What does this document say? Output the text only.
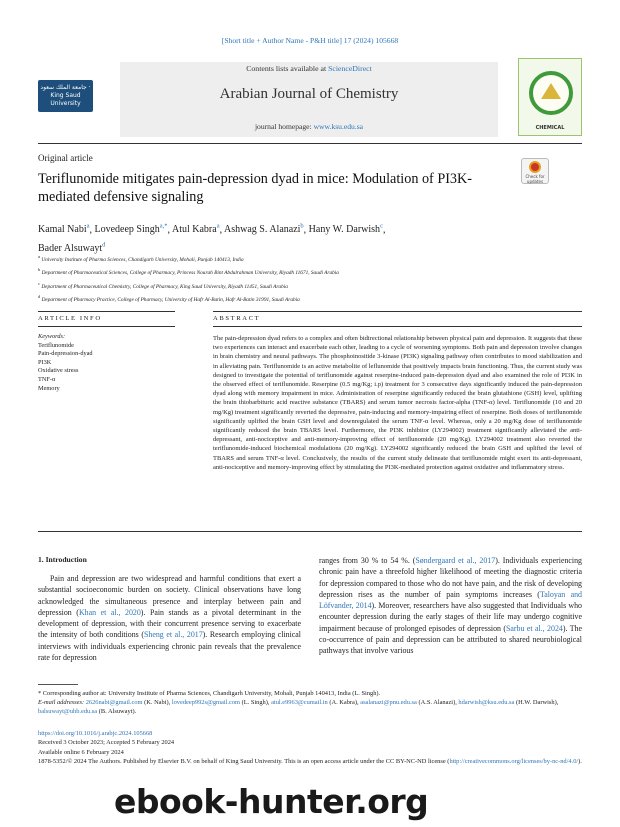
[Short title + Author Name - P&H title] 17 (2024) 105668
جامعة الملك سعود · King Saud University
Contents lists available at ScienceDirect
Arabian Journal of Chemistry
journal homepage: www.ksu.edu.sa	CHEMICAL
Original article
Teriflunomide mitigates pain-depression dyad in mice: Modulation of PI3K-mediated defensive signaling
Check for updates
Kamal Nabi$^a$, Lovedeep Singh$^{a,*}$, Atul Kabra$^a$, Ashwag S. Alanazi$^b$, Hany W. Darwish$^c$,
Bader Alsuwayt$^d$
$^a$ University Institute of Pharma Sciences, Chandigarh University, Mohali, Punjab 140413, India
$^b$ Department of Pharmaceutical Sciences, College of Pharmacy, Princess Nourah Bint Abdulrahman University, Riyadh 11671, Saudi Arabia
$^c$ Department of Pharmaceutical Chemistry, College of Pharmacy, King Saud University, Riyadh 11451, Saudi Arabia
$^d$ Department of Pharmacy Practice, College of Pharmacy, University of Hafr Al-Batin, Hafr Al-Batin 31991, Saudi Arabia
ARTICLE INFO	ABSTRACT
Keywords:
Teriflunomide
Pain-depression-dyad
PI3K
Oxidative stress
TNF-α
Memory
The pain-depression dyad refers to a complex and often bidirectional relationship between physical pain and depression. It suggests that these two experiences can interact and exacerbate each other, leading to a cycle of worsening symptoms. Both pain and depression involve changes in brain chemistry and neural pathways. The phosphoinositide 3-kinase (PI3K) signaling pathway often contributes to mood stabilization and in alleviating pain. Teriflunomide is an active metabolite of leflunomide that positively impacts brain functioning. Thus, the current study was designed to investigate the potential of teriflunomide against reserpine-induced pain-depression dyad and also examined the role of PI3K in the observed effect of teriflunomide. Reserpine (0.5 mg/Kg; i.p) treatment for 3 consecutive days significantly induced the pain-depression dyad along with memory impairment in mice. Administration of reserpine significantly reduced the brain glutathione (GSH) level, uplifting the brain thiobarbituric acid reactive substance (TBARS) and serum tumor necrosis factor-alpha (TNF-α) level. Teriflunomide (10 and 20 mg/Kg) treatment significantly reverted the depressive, pain-inducing and memory-impairing effect of reserpine. Both doses of teriflunomide significantly uplifted the brain GSH level and downregulated the serum TNF-α level. Whereas, only a 20 mg/Kg dose of teriflunomide significantly reduced the brain TBARS level. Furthermore, the PI3K inhibitor (LY294002) treatment significantly alleviated the anti-depressant, anti-nociceptive and anti-memory-improving effect of teriflunomide (20 mg/Kg). LY294002 treatment also reverted the teriflunomide-induced biochemical modulations (20 mg/Kg). LY294002 significantly reduced the brain GSH and uplifted the level of TBARS and serum TNF-α level. Conclusively, the results of the current study delineate that teriflunomide might exert its anti-depressant, anti-nociceptive and memory-improving effect by stimulating the PI3K-mediated protection against oxidative and inflammatory stress.
1. Introduction
Pain and depression are two widespread and harmful conditions that exert a substantial socioeconomic burden on society. Clinical observations have long acknowledged the simultaneous presence and interplay between pain and depression (Khan et al., 2020). Pain stands as a pivotal determinant in the development of depression, with their concurrent presence serving to exacerbate the intensity of both conditions (Sheng et al., 2017). Research employing clinical interviews with individuals experiencing chronic pain reveals that the prevalence rate for depression
ranges from 30 % to 54 %. (Søndergaard et al., 2017). Individuals experiencing chronic pain have a threefold higher likelihood of meeting the diagnostic criteria for depression compared to those who do not have pain, and the risk of developing depression rises as the number of pain symptoms increases (Taloyan and Löfvander, 2014). Moreover, researchers have also suggested that Individuals who encounter depression during the early stages of their life may undergo cognitive impairment because of prolonged episodes of depression (Sarbu et al., 2024). The co-occurrence of pain and depression can be attributed to shared neurobiological pathways that involve various
* Corresponding author at: University Institute of Pharma Sciences, Chandigarh University, Mohali, Punjab 140413, India (L. Singh).
E-mail addresses: 2626nabi@gmail.com (K. Nabi), lovedeep992s@gmail.com (L. Singh), atul.e9963@cumail.in (A. Kabra), asalanazi@pnu.edu.sa (A.S. Alanazi), hdarwish@ksu.edu.sa (H.W. Darwish), balsuwayt@uhb.edu.sa (B. Alsuwayt).
https://doi.org/10.1016/j.arabjc.2024.105668
Received 3 October 2023; Accepted 5 February 2024
Available online 6 February 2024
1878-5352/© 2024 The Authors. Published by Elsevier B.V. on behalf of King Saud University. This is an open access article under the CC BY-NC-ND license (http://creativecommons.org/licenses/by-nc-nd/4.0/).
ebook-hunter.org
